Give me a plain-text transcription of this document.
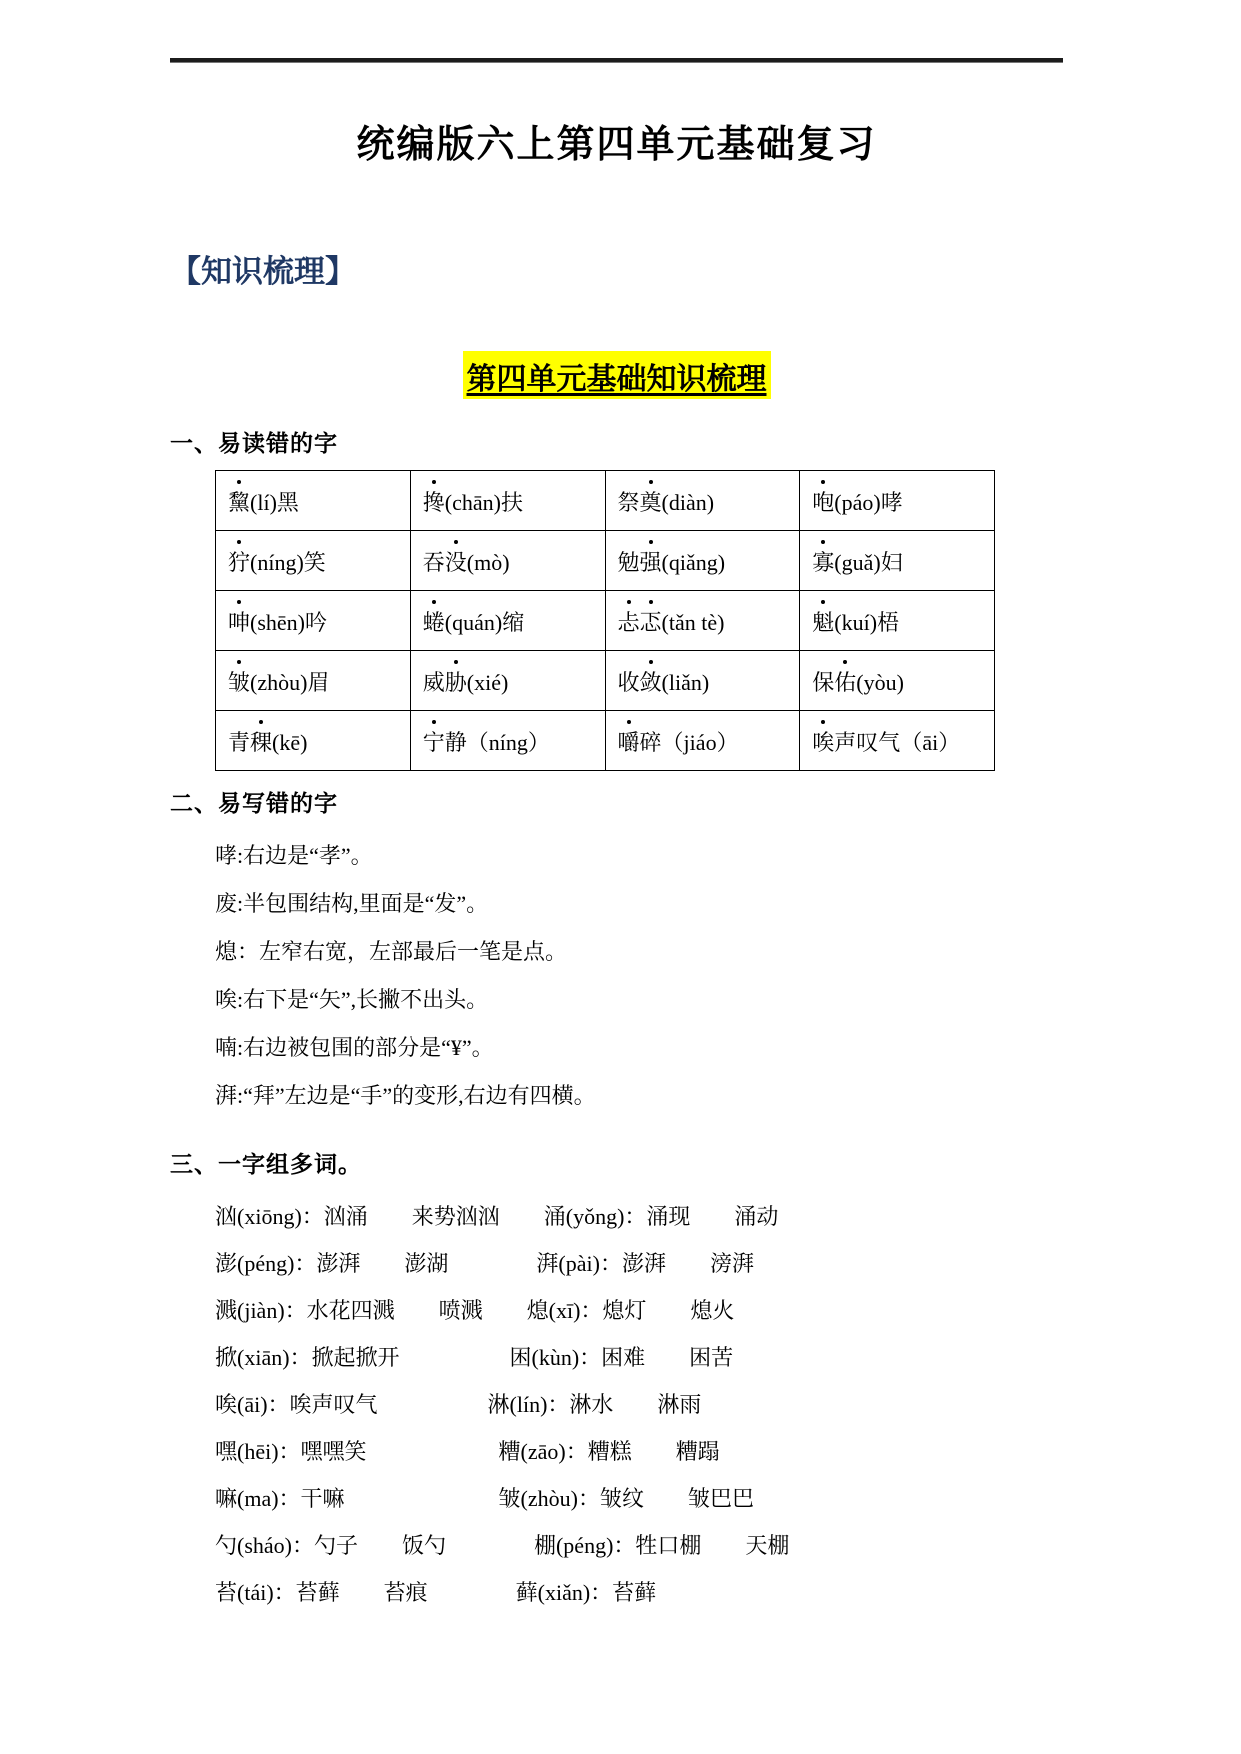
统编版六上第四单元基础复习
【知识梳理】
第四单元基础知识梳理
一、易读错的字
黧(lí)黑	搀(chān)扶	祭奠(diàn)	咆(páo)哮
狞(níng)笑	吞没(mò)	勉强(qiǎng)	寡(guǎ)妇
呻(shēn)吟	蜷(quán)缩	忐忑(tǎn tè)	魁(kuí)梧
皱(zhòu)眉	威胁(xié)	收敛(liǎn)	保佑(yòu)
青稞(kē)	宁静（níng）	嚼碎（jiáo）	唉声叹气（āi）
二、易写错的字
哮:右边是“孝”。
废:半包围结构,里面是“发”。
熄：左窄右宽，左部最后一笔是点。
唉:右下是“矢”,长撇不出头。
喃:右边被包围的部分是“¥”。
湃:“拜”左边是“手”的变形,右边有四横。
三、一字组多词。
汹(xiōng)：汹涌　　来势汹汹　　涌(yǒng)：涌现　　涌动
澎(péng)：澎湃　　澎湖　　　　湃(pài)：澎湃　　滂湃
溅(jiàn)：水花四溅　　喷溅　　熄(xī)：熄灯　　熄火
掀(xiān)：掀起掀开　　　　　困(kùn)：困难　　困苦
唉(āi)：唉声叹气　　　　　淋(lín)：淋水　　淋雨
嘿(hēi)：嘿嘿笑　　　　　　糟(zāo)：糟糕　　糟蹋
嘛(ma)：干嘛　　　　　　　皱(zhòu)：皱纹　　皱巴巴
勺(sháo)：勺子　　饭勺　　　　棚(péng)：牲口棚　　天棚
苔(tái)：苔藓　　苔痕　　　　藓(xiǎn)：苔藓
